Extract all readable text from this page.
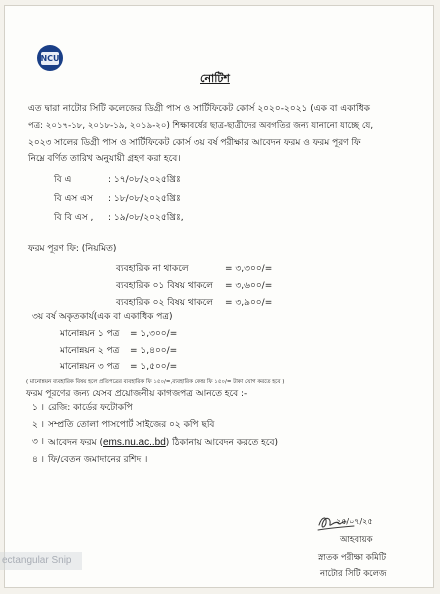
NCU
নোটিশ
এত দ্বারা নাটোর সিটি কলেজের ডিগ্রী পাস ও সার্টিফিকেট কোর্স ২০২০-২০২১ (এক বা একাধিক
পত্র: ২০১৭-১৮, ২০১৮-১৯, ২০১৯-২০) শিক্ষাবর্ষের ছাত্র-ছাত্রীদের অবগতির জন্য যানানো যাচ্ছে যে,
২০২৩ সালের ডিগ্রী পাস ও সার্টিফিকেট কোর্স ৩য় বর্ষ পরীক্ষার আবেদন ফরম ও ফরম পূরণ ফি
নিম্নে বর্ণিত তারিখ অনুযায়ী গ্রহণ করা হবে।
বি এ	: ১৭/০৮/২০২৫খ্রিঃ
বি এস এস : ১৮/০৮/২০২৫খ্রিঃ
বি বি এস , : ১৯/০৮/২০২৫খ্রিঃ,
ফরম পূরণ ফি: (নিয়মিত)
ব্যবহারিক না থাকলে	= ৩,৩০০/=
ব্যবহারিক ০১ বিষয় থাকলে = ৩,৬০০/=
ব্যবহারিক ০২ বিষয় থাকলে = ৩,৯০০/=
৩য় বর্ষ অকৃতকার্য(এক বা একাধিক পত্র)
মানোন্নয়ন ১ পত্র = ১,৩০০/=
মানোন্নয়ন ২ পত্র = ১,৪০০/=
মানোন্নয়ন ৩ পত্র = ১,৫০০/=
( মানোন্নয়ন ব্যবহারিক বিষয় হলে প্রতিপত্রের ব্যবহারিক ফি ১৫০/=,ব্যবহারিক কেন্দ্র ফি ১৫০/= টাকা যোগ করতে হবে )
ফরম পূরণের জন্য যেসব প্রয়োজনীয় কাগজপত্র আনতে হবে :-
১ । রেজি: কার্ডের ফটোকপি
২ । সম্প্রতি তোলা পাসপোর্ট সাইজের ০২ কপি ছবি
৩ । আবেদন ফরম (ems.nu.ac..bd) ঠিকানায় আবেদন করতে হবে)
৪ । ফি/বেতন জমাদানের রশিদ ।
২৫/০৭/২৫
আহবায়ক
স্নাতক পরীক্ষা কমিটি
নাটোর সিটি কলেজ
ectangular Snip
